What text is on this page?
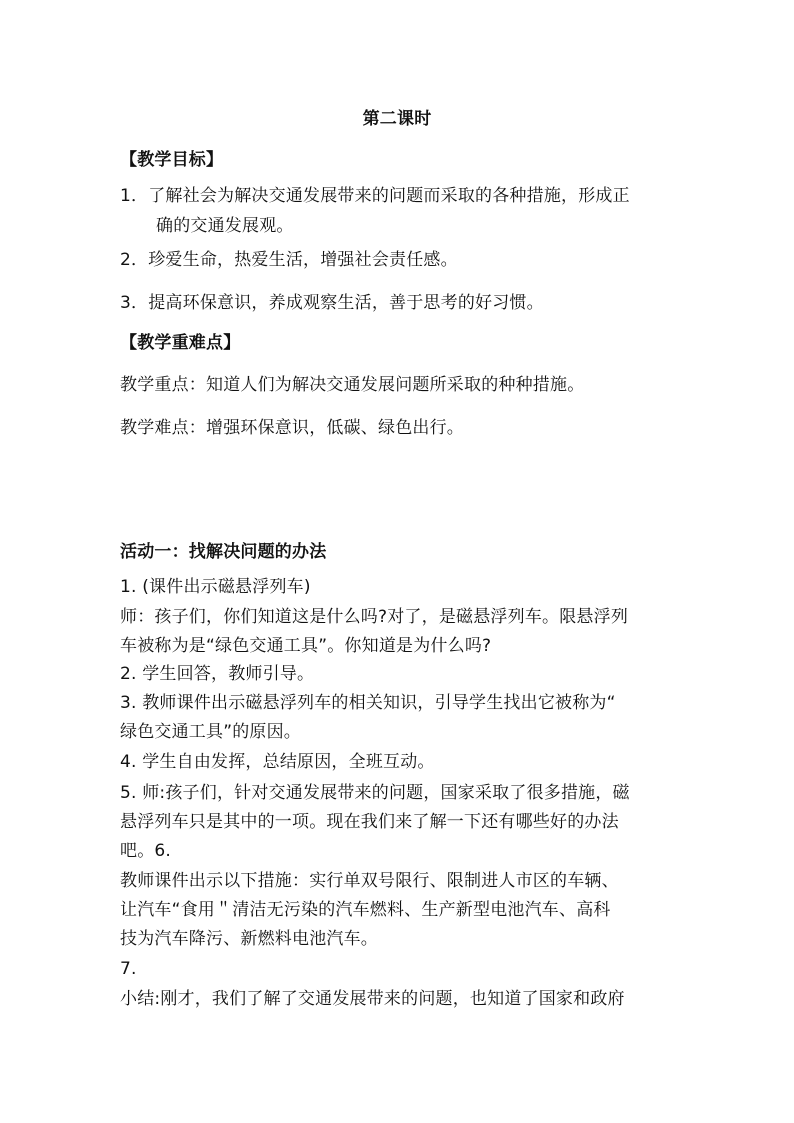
第二课时
【教学目标】
1．了解社会为解决交通发展带来的问题而采取的各种措施，形成正
确的交通发展观。
2．珍爱生命，热爱生活，增强社会责任感。
3．提高环保意识，养成观察生活，善于思考的好习惯。
【教学重难点】
教学重点：知道人们为解决交通发展问题所采取的种种措施。
教学难点：增强环保意识，低碳、绿色出行。
活动一：找解决问题的办法
1. (课件出示磁悬浮列车)
师：孩子们，你们知道这是什么吗?对了，是磁悬浮列车。限悬浮列
车被称为是“绿色交通工具”。你知道是为什么吗?
2. 学生回答，教师引导。
3. 教师课件出示磁悬浮列车的相关知识，引导学生找出它被称为“
绿色交通工具”的原因。
4. 学生自由发挥，总结原因，全班互动。
5. 师:孩子们，针对交通发展带来的问题，国家采取了很多措施，磁
悬浮列车只是其中的一项。现在我们来了解一下还有哪些好的办法
吧。6.
教师课件出示以下措施：实行单双号限行、限制进人市区的车辆、
让汽车“食用＂清洁无污染的汽车燃料、生产新型电池汽车、高科
技为汽车降污、新燃料电池汽车。
7.
小结:刚才，我们了解了交通发展带来的问题，也知道了国家和政府
